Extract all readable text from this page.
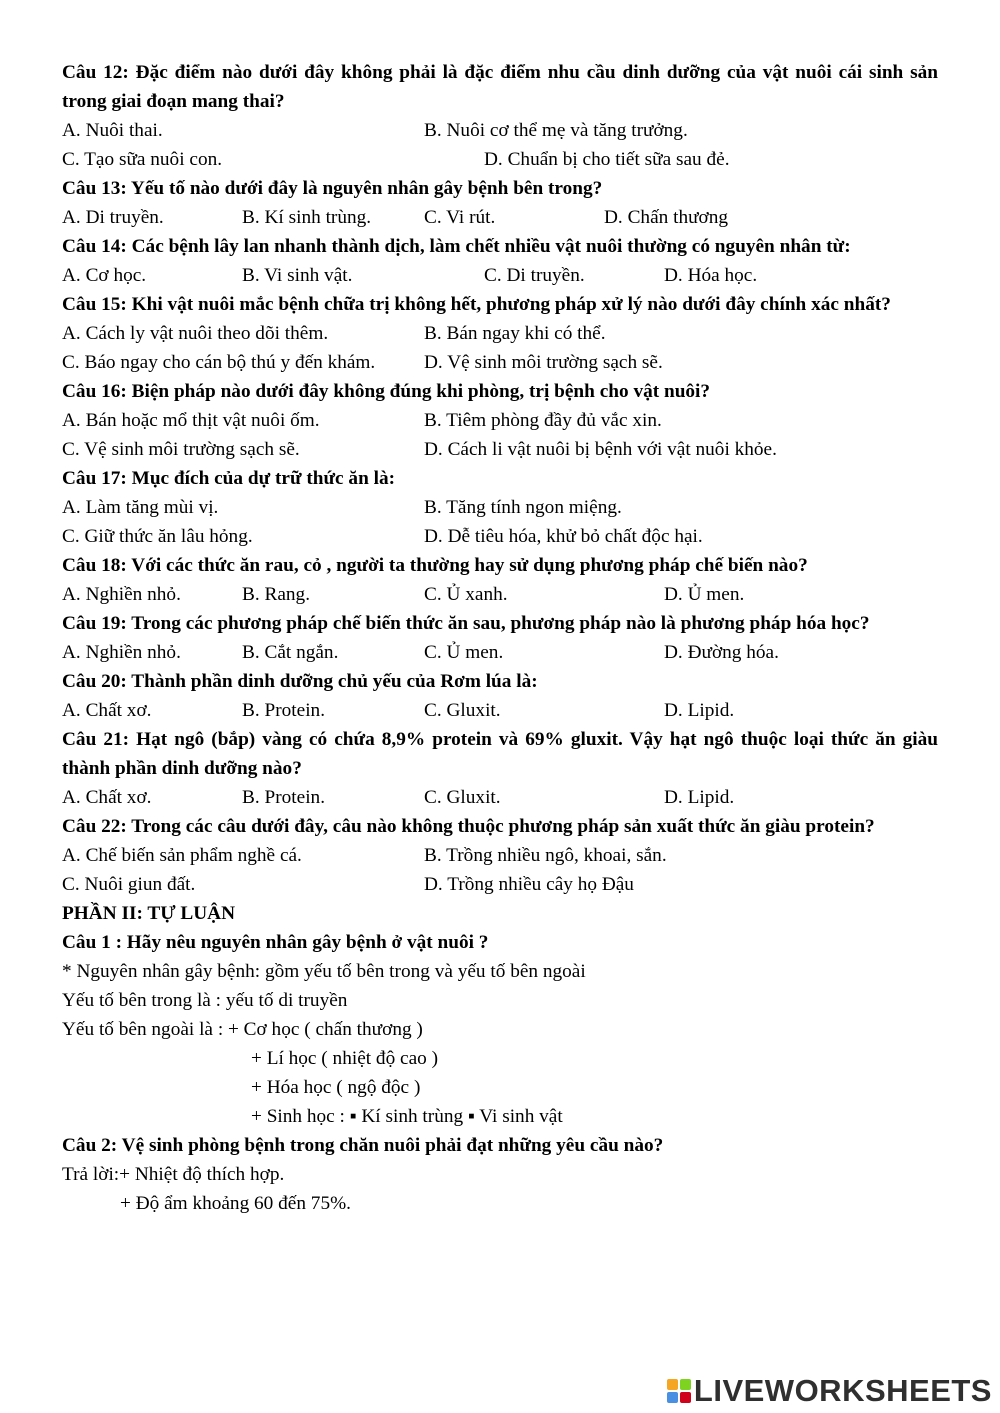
Câu 12: Đặc điểm nào dưới đây không phải là đặc điểm nhu cầu dinh dưỡng của vật nuôi cái sinh sản trong giai đoạn mang thai?
A. Nuôi thai.	B. Nuôi cơ thể mẹ và tăng trưởng.
C. Tạo sữa nuôi con.	D. Chuẩn bị cho tiết sữa sau đẻ.
Câu 13: Yếu tố nào dưới đây là nguyên nhân gây bệnh bên trong?
A. Di truyền.	B. Kí sinh trùng.	C. Vi rút.	D. Chấn thương
Câu 14: Các bệnh lây lan nhanh thành dịch, làm chết nhiều vật nuôi thường có nguyên nhân từ:
A. Cơ học.	B. Vi sinh vật.	C. Di truyền.	D. Hóa học.
Câu 15: Khi vật nuôi mắc bệnh chữa trị không hết, phương pháp xử lý nào dưới đây chính xác nhất?
A. Cách ly vật nuôi theo dõi thêm.	B. Bán ngay khi có thể.
C. Báo ngay cho cán bộ thú y đến khám.	D. Vệ sinh môi trường sạch sẽ.
Câu 16: Biện pháp nào dưới đây không đúng khi phòng, trị bệnh cho vật nuôi?
A. Bán hoặc mổ thịt vật nuôi ốm.	B. Tiêm phòng đầy đủ vắc xin.
C. Vệ sinh môi trường sạch sẽ.	D. Cách li vật nuôi bị bệnh với vật nuôi khỏe.
Câu 17: Mục đích của dự trữ thức ăn là:
A. Làm tăng mùi vị.	B. Tăng tính ngon miệng.
C. Giữ thức ăn lâu hỏng.	D. Dễ tiêu hóa, khử bỏ chất độc hại.
Câu 18: Với các thức ăn rau, cỏ , người ta thường hay sử dụng phương pháp chế biến nào?
A. Nghiền nhỏ.	B. Rang.	C. Ủ xanh.	D. Ủ men.
Câu 19: Trong các phương pháp chế biến thức ăn sau, phương pháp nào là phương pháp hóa học?
A. Nghiền nhỏ.	B. Cắt ngắn.	C. Ủ men.	D. Đường hóa.
Câu 20: Thành phần dinh dưỡng chủ yếu của Rơm lúa là:
A. Chất xơ.	B. Protein.	C. Gluxit.	D. Lipid.
Câu 21: Hạt ngô (bắp) vàng có chứa 8,9% protein và 69% gluxit. Vậy hạt ngô thuộc loại thức ăn giàu thành phần dinh dưỡng nào?
A. Chất xơ.	B. Protein.	C. Gluxit.	D. Lipid.
Câu 22: Trong các câu dưới đây, câu nào không thuộc phương pháp sản xuất thức ăn giàu protein?
A. Chế biến sản phẩm nghề cá.	B. Trồng nhiều ngô, khoai, sắn.
C. Nuôi giun đất.	D. Trồng nhiều cây họ Đậu
PHẦN II: TỰ LUẬN
Câu 1 : Hãy nêu nguyên nhân gây bệnh ở vật nuôi ?
* Nguyên nhân gây bệnh: gồm yếu tố bên trong và yếu tố bên ngoài
Yếu tố bên trong là : yếu tố di truyền
Yếu tố bên ngoài là : + Cơ học ( chấn thương )
+ Lí học ( nhiệt độ cao )
+ Hóa học ( ngộ độc )
+ Sinh học : ▪ Kí sinh trùng ▪ Vi sinh vật
Câu 2: Vệ sinh phòng bệnh trong chăn nuôi phải đạt những yêu cầu nào?
Trả lời:+ Nhiệt độ thích hợp.
+ Độ ẩm khoảng 60 đến 75%.
LIVEWORKSHEETS
